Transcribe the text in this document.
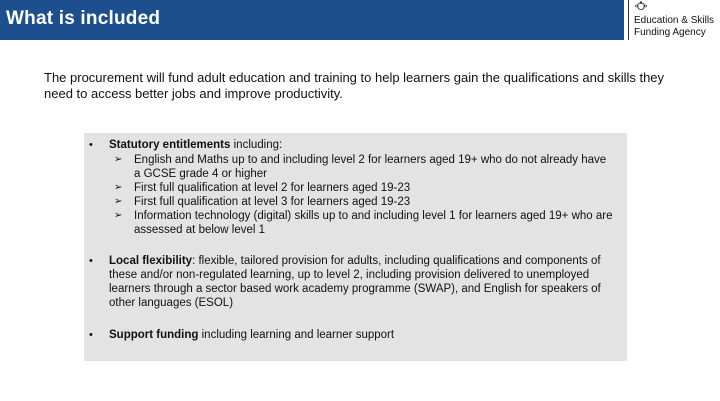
What is included	Education & Skills
Funding Agency
The procurement will fund adult education and training to help learners gain the qualifications and skills they need to access better jobs and improve productivity.
• Statutory entitlements including:
➢ English and Maths up to and including level 2 for learners aged 19+ who do not already have a GCSE grade 4 or higher
➢ First full qualification at level 2 for learners aged 19-23
➢ First full qualification at level 3 for learners aged 19-23
➢ Information technology (digital) skills up to and including level 1 for learners aged 19+ who are assessed at below level 1
• Local flexibility: flexible, tailored provision for adults, including qualifications and components of these and/or non-regulated learning, up to level 2, including provision delivered to unemployed learners through a sector based work academy programme (SWAP), and English for speakers of other languages (ESOL)
• Support funding including learning and learner support
